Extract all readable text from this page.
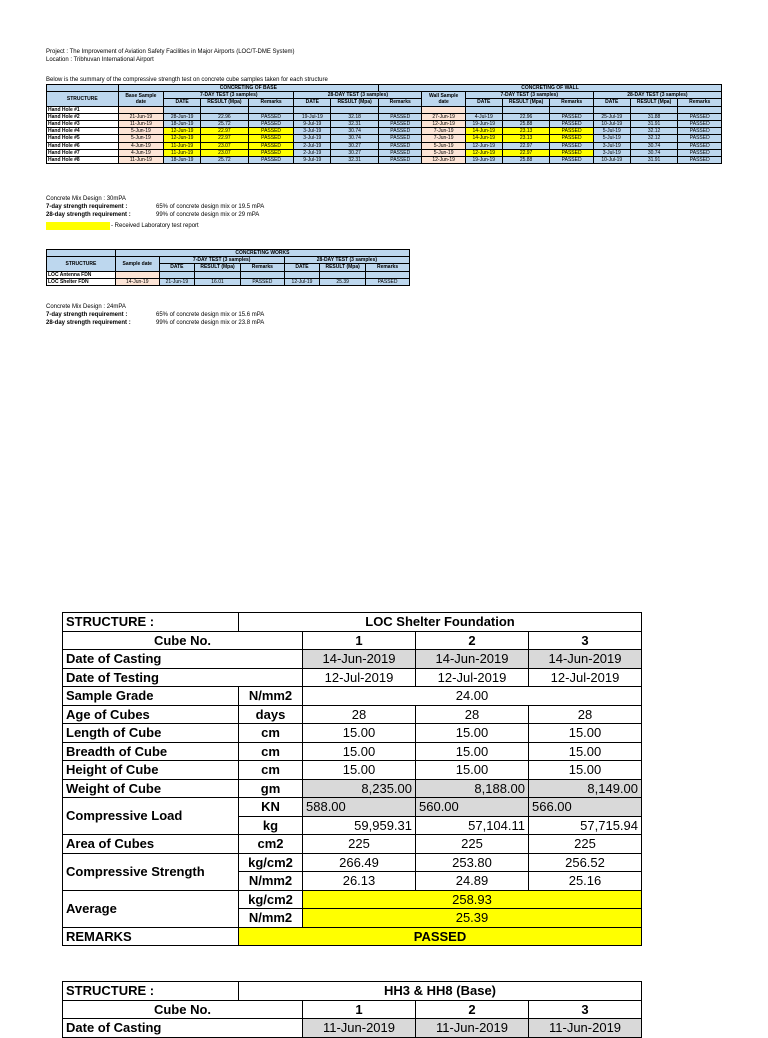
Project : The Improvement of Aviation Safety Facilities in Major Airports (LOC/T-DME System)
Location : Tribhuvan International Airport
Below is the summary of the compressive strength test on concrete cube samples taken for each structure
	CONCRETING OF BASE						CONCRETING OF WALL							
STRUCTURE	Base Sample date	7-DAY TEST (3 samples)			28-DAY TEST (3 samples)			Wall Sample date	7-DAY TEST (3 samples)			28-DAY TEST (3 samples)		
		DATE	RESULT (Mpa)	Remarks	DATE	RESULT (Mpa)	Remarks		DATE	RESULT (Mpa)	Remarks	DATE	RESULT (Mpa)	Remarks
Hand Hole #1														
Hand Hole #2	21-Jun-19	28-Jun-19	22.96	PASSED	19-Jul-19	32.18	PASSED	27-Jun-19	4-Jul-19	22.96	PASSED	25-Jul-19	31.88	PASSED
Hand Hole #3	11-Jun-19	18-Jun-19	25.72	PASSED	9-Jul-19	32.31	PASSED	12-Jun-19	19-Jun-19	25.88	PASSED	10-Jul-19	31.91	PASSED
Hand Hole #4	5-Jun-19	12-Jun-19	22.97	PASSED	3-Jul-19	30.74	PASSED	7-Jun-19	14-Jun-19	23.13	PASSED	5-Jul-19	32.12	PASSED
Hand Hole #5	5-Jun-19	12-Jun-19	22.97	PASSED	3-Jul-19	30.74	PASSED	7-Jun-19	14-Jun-19	23.13	PASSED	5-Jul-19	32.12	PASSED
Hand Hole #6	4-Jun-19	11-Jun-19	23.07	PASSED	2-Jul-19	30.27	PASSED	5-Jun-19	12-Jun-19	22.97	PASSED	3-Jul-19	30.74	PASSED
Hand Hole #7	4-Jun-19	11-Jun-19	23.07	PASSED	2-Jul-19	30.27	PASSED	5-Jun-19	12-Jun-19	22.97	PASSED	3-Jul-19	30.74	PASSED
Hand Hole #8	11-Jun-19	18-Jun-19	25.72	PASSED	9-Jul-19	32.31	PASSED	12-Jun-19	19-Jun-19	25.88	PASSED	10-Jul-19	31.91	PASSED
Concrete Mix Design : 30mPA
7-day strength requirement :	65% of concrete design mix or 19.5 mPA
28-day strength requirement :	99% of concrete design mix or 29 mPA
- Received Laboratory test report
	CONCRETING WORKS						
STRUCTURE	Sample date	7-DAY TEST (3 samples)			28-DAY TEST (3 samples)		
		DATE	RESULT (Mpa)	Remarks	DATE	RESULT (Mpa)	Remarks
LOC Antenna FDN							
LOC Shelter FDN	14-Jun-19	21-Jun-19	16.01	PASSED	12-Jul-19	25.39	PASSED
Concrete Mix Design : 24mPA
7-day strength requirement :	65% of concrete design mix or 15.6 mPA
28-day strength requirement :	99% of concrete design mix or 23.8 mPA
STRUCTURE :	LOC Shelter Foundation			
Cube No.		1	2	3
Date of Casting		14-Jun-2019	14-Jun-2019	14-Jun-2019
Date of Testing		12-Jul-2019	12-Jul-2019	12-Jul-2019
Sample Grade	N/mm2	24.00		
Age of Cubes	days	28	28	28
Length of Cube	cm	15.00	15.00	15.00
Breadth of Cube	cm	15.00	15.00	15.00
Height of Cube	cm	15.00	15.00	15.00
Weight of Cube	gm	8,235.00	8,188.00	8,149.00
Compressive Load	KN	588.00	560.00	566.00
	kg	59,959.31	57,104.11	57,715.94
Area of Cubes	cm2	225	225	225
Compressive Strength	kg/cm2	266.49	253.80	256.52
	N/mm2	26.13	24.89	25.16
Average	kg/cm2	258.93		
	N/mm2	25.39		
REMARKS	PASSED			
STRUCTURE :	HH3 & HH8 (Base)			
Cube No.		1	2	3
Date of Casting		11-Jun-2019	11-Jun-2019	11-Jun-2019
